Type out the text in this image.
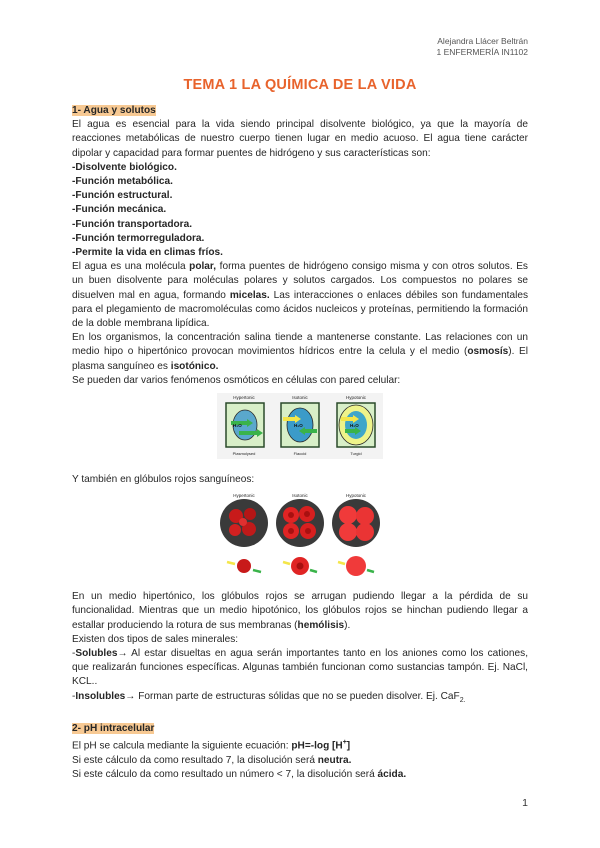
Alejandra Llácer Beltrán
1 ENFERMERÍA IN1102
TEMA 1 LA QUÍMICA DE LA VIDA

1- Agua y solutos

El agua es esencial para la vida siendo principal disolvente biológico, ya que la mayoría de reacciones metabólicas de nuestro cuerpo tienen lugar en medio acuoso. El agua tiene carácter dipolar y capacidad para formar puentes de hidrógeno y sus características son:

-Disolvente biológico.

-Función metabólica.

-Función estructural.

-Función mecánica.

-Función transportadora.

-Función termorreguladora.

-Permite la vida en climas fríos.

El agua es una molécula polar, forma puentes de hidrógeno consigo misma y con otros solutos. Es un buen disolvente para moléculas polares y solutos cargados. Los compuestos no polares se disuelven mal en agua, formando micelas. Las interacciones o enlaces débiles son fundamentales para el plegamiento de macromoléculas como ácidos nucleicos y proteínas, permitiendo la formación de la doble membrana lipídica.

En los organismos, la concentración salina tiende a mantenerse constante. Las relaciones con un medio hipo o hipertónico provocan movimientos hídricos entre la celula y el medio (osmosís). El plasma sanguíneo es isotónico.

Se pueden dar varios fenómenos osmóticos en células con pared celular:

Hypertonic	Isotonic	Hypotonic
H₂O	H₂O	H₂O
Plasmolysed	Flaccid	Turgid

Y también en glóbulos rojos sanguíneos:

Hypertonic	Isotonic	Hypotonic

En un medio hipertónico, los glóbulos rojos se arrugan pudiendo llegar a la pérdida de su funcionalidad. Mientras que un medio hipotónico, los glóbulos rojos se hinchan pudiendo llegar a estallar produciendo la rotura de sus membranas (hemólisis).

Existen dos tipos de sales minerales:

-Solubles→ Al estar disueltas en agua serán importantes tanto en los aniones como los cationes, que realizarán funciones específicas. Algunas también funcionan como sustancias tampón. Ej. NaCl, KCL..

-Insolubles→ Forman parte de estructuras sólidas que no se pueden disolver. Ej. CaF$_{2.}$

2- pH intracelular

El pH se calcula mediante la siguiente ecuación: pH=-log [H+]

Si este cálculo da como resultado 7, la disolución será neutra.

Si este cálculo da como resultado un número < 7, la disolución será ácida.

1
